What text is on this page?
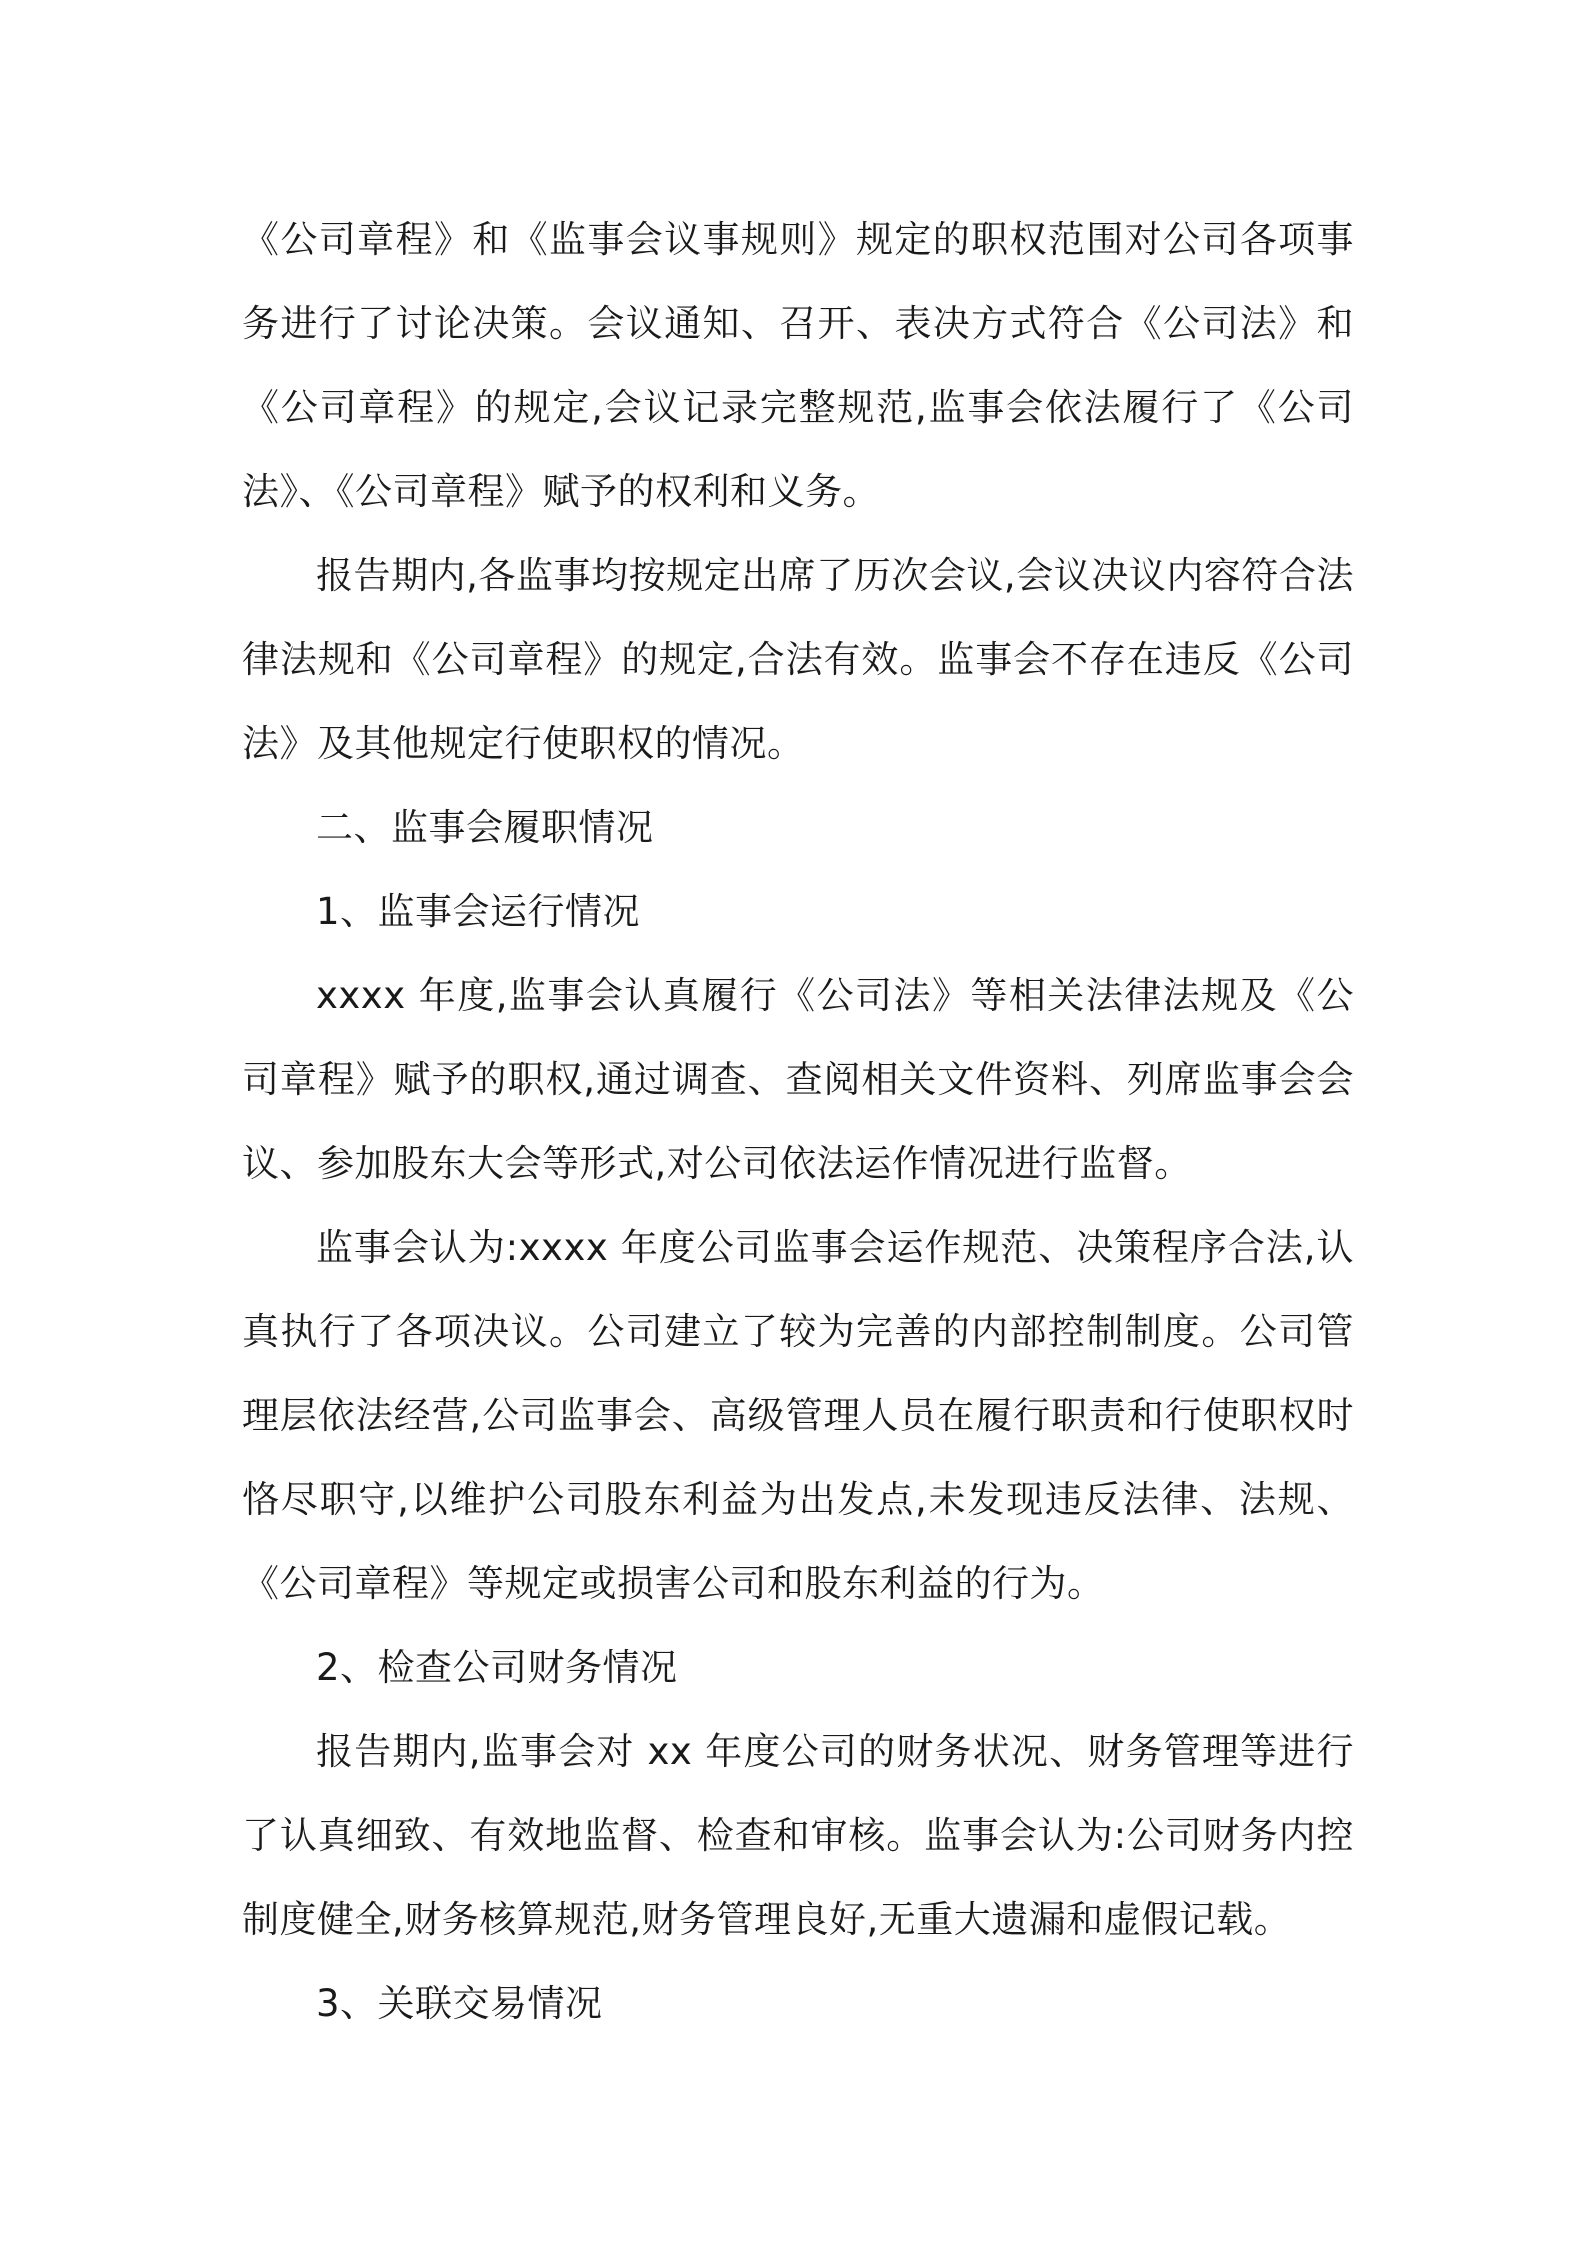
《公司章程》和《监事会议事规则》规定的职权范围对公司各项事务进行了讨论决策。会议通知、召开、表决方式符合《公司法》和《公司章程》的规定,会议记录完整规范,监事会依法履行了《公司法》、《公司章程》赋予的权利和义务。

报告期内,各监事均按规定出席了历次会议,会议决议内容符合法律法规和《公司章程》的规定,合法有效。监事会不存在违反《公司法》及其他规定行使职权的情况。

二、监事会履职情况

1、监事会运行情况

xxxx 年度,监事会认真履行《公司法》等相关法律法规及《公司章程》赋予的职权,通过调查、查阅相关文件资料、列席监事会会议、参加股东大会等形式,对公司依法运作情况进行监督。

监事会认为:xxxx 年度公司监事会运作规范、决策程序合法,认真执行了各项决议。公司建立了较为完善的内部控制制度。公司管理层依法经营,公司监事会、高级管理人员在履行职责和行使职权时恪尽职守,以维护公司股东利益为出发点,未发现违反法律、法规、《公司章程》等规定或损害公司和股东利益的行为。

2、检查公司财务情况

报告期内,监事会对 xx 年度公司的财务状况、财务管理等进行了认真细致、有效地监督、检查和审核。监事会认为:公司财务内控制度健全,财务核算规范,财务管理良好,无重大遗漏和虚假记载。

3、关联交易情况
